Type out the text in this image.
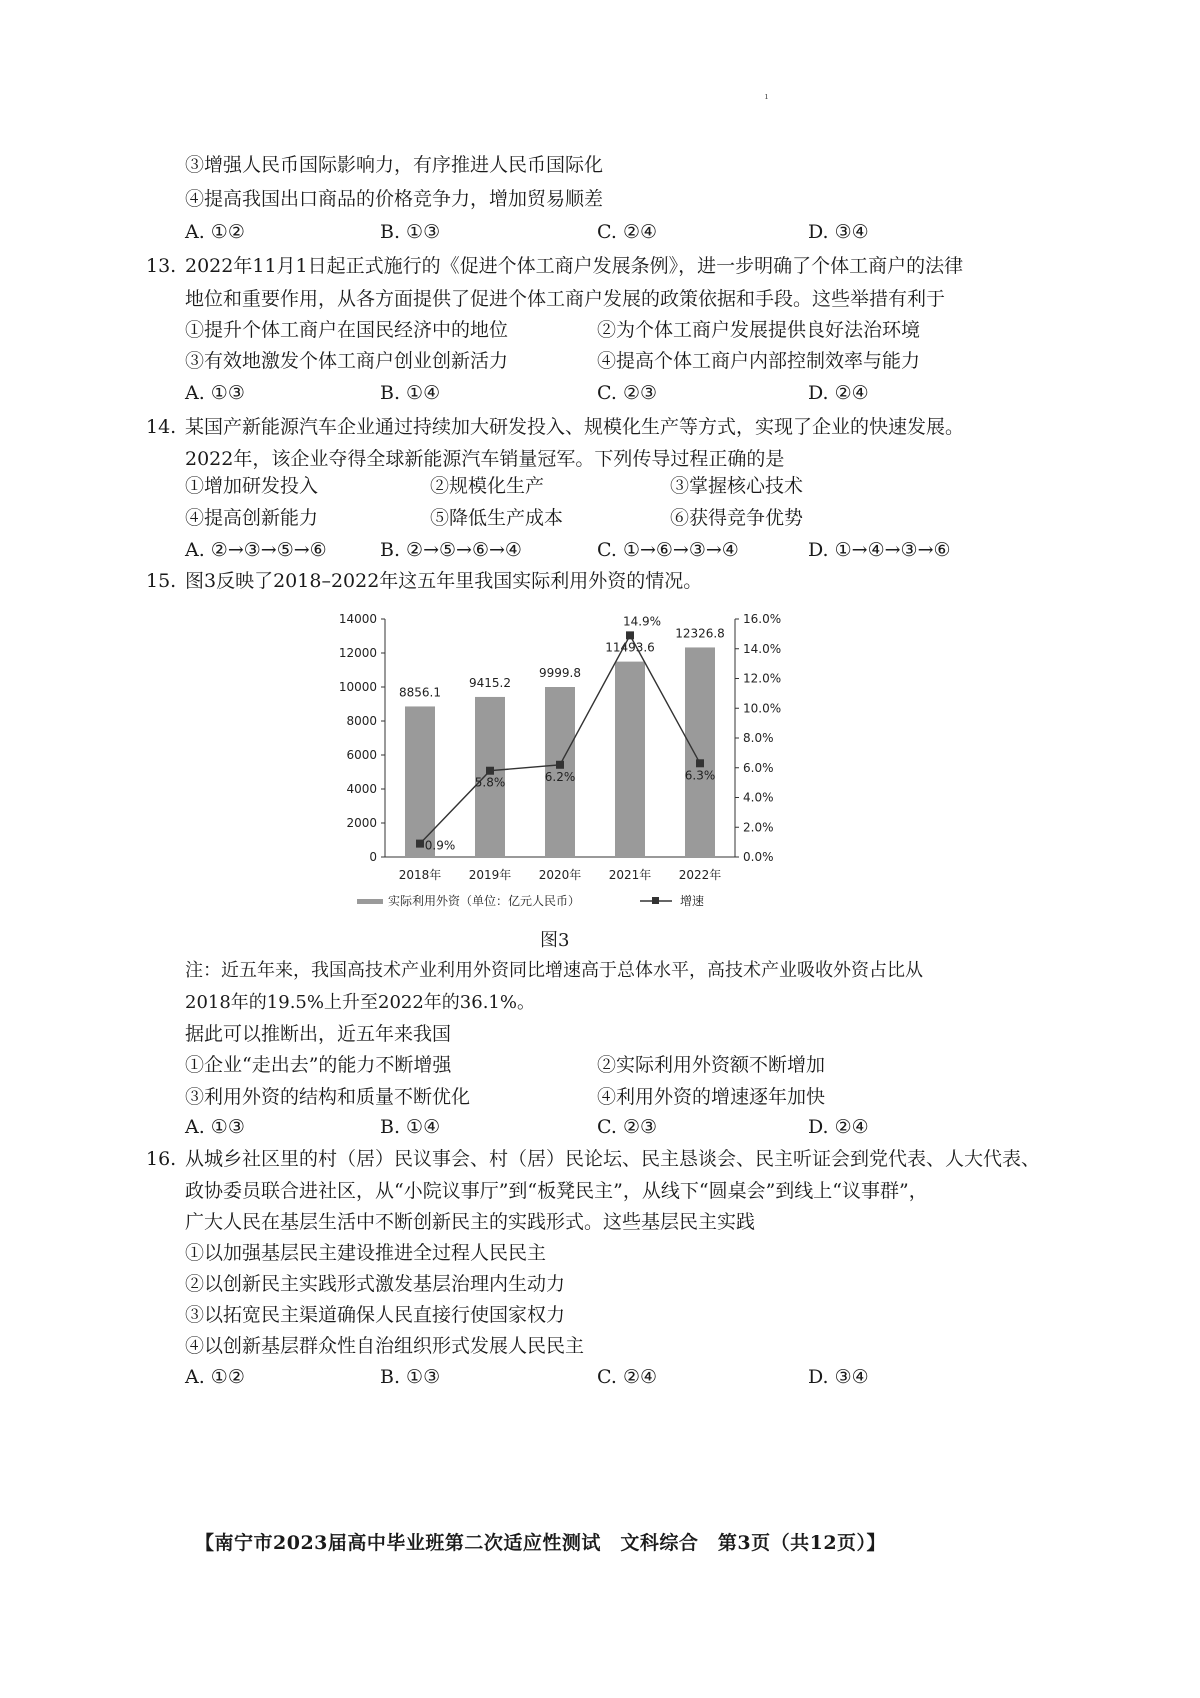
ı
③增强人民币国际影响力，有序推进人民币国际化
④提高我国出口商品的价格竞争力，增加贸易顺差
A. ①②	B. ①③	C. ②④	D. ③④
13. 2022年11月1日起正式施行的《促进个体工商户发展条例》，进一步明确了个体工商户的法律
地位和重要作用，从各方面提供了促进个体工商户发展的政策依据和手段。这些举措有利于
①提升个体工商户在国民经济中的地位	②为个体工商户发展提供良好法治环境
③有效地激发个体工商户创业创新活力	④提高个体工商户内部控制效率与能力
A. ①③	B. ①④	C. ②③	D. ②④
14. 某国产新能源汽车企业通过持续加大研发投入、规模化生产等方式，实现了企业的快速发展。
2022年，该企业夺得全球新能源汽车销量冠军。下列传导过程正确的是
①增加研发投入	②规模化生产	③掌握核心技术
④提高创新能力	⑤降低生产成本	⑥获得竞争优势
A. ②→③→⑤→⑥	B. ②→⑤→⑥→④	C. ①→⑥→③→④	D. ①→④→③→⑥
15. 图3反映了2018–2022年这五年里我国实际利用外资的情况。
0
2000
4000
6000
8000
10000
12000
14000
0.0%
2.0%
4.0%
6.0%
8.0%
10.0%
12.0%
14.0%
16.0%
8856.1
9415.2
9999.8
11493.6
12326.8
0.9%
5.8%	6.2%
14.9%
6.3%
2018年 2019年 2020年 2021年 2022年
实际利用外资（单位：亿元人民币）	增速
图3
注：近五年来，我国高技术产业利用外资同比增速高于总体水平，高技术产业吸收外资占比从
2018年的19.5%上升至2022年的36.1%。
据此可以推断出，近五年来我国
①企业“走出去”的能力不断增强	②实际利用外资额不断增加
③利用外资的结构和质量不断优化	④利用外资的增速逐年加快
A. ①③	B. ①④	C. ②③	D. ②④
16. 从城乡社区里的村（居）民议事会、村（居）民论坛、民主恳谈会、民主听证会到党代表、人大代表、
政协委员联合进社区，从“小院议事厅”到“板凳民主”，从线下“圆桌会”到线上“议事群”，
广大人民在基层生活中不断创新民主的实践形式。这些基层民主实践
①以加强基层民主建设推进全过程人民民主
②以创新民主实践形式激发基层治理内生动力
③以拓宽民主渠道确保人民直接行使国家权力
④以创新基层群众性自治组织形式发展人民民主
A. ①②	B. ①③	C. ②④	D. ③④
【南宁市2023届高中毕业班第二次适应性测试　文科综合　第3页（共12页）】
